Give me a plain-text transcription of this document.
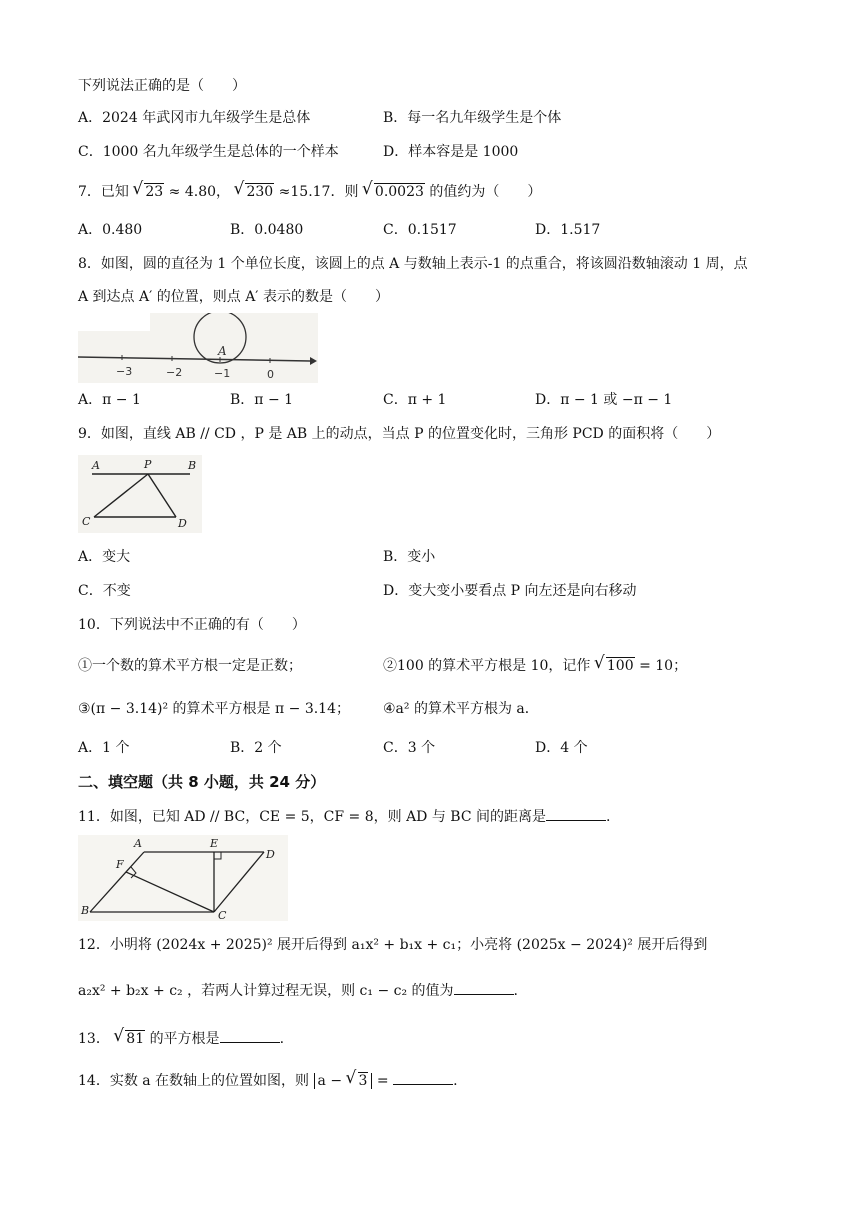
下列说法正确的是（　　）
A．2024 年武冈市九年级学生是总体	B．每一名九年级学生是个体
C．1000 名九年级学生是总体的一个样本	D．样本容是是 1000
7．已知 √ 23 ≈ 4.80， √ 230 ≈15.17．则 √ 0.0023 的值约为（　　）
A．0.480	B．0.0480	C．0.1517	D．1.517
8．如图，圆的直径为 1 个单位长度，该圆上的点 A 与数轴上表示-1 的点重合，将该圆沿数轴滚动 1 周，点
A 到达点 A′ 的位置，则点 A′ 表示的数是（　　）
−3	−2	−1	0
A
A．π − 1	B．π − 1	C．π + 1	D．π − 1 或 −π − 1
9．如图，直线 AB // CD ，P 是 AB 上的动点，当点 P 的位置变化时，三角形 PCD 的面积将（　　）
A	P	B
C	D
A．变大	B．变小
C．不变	D．变大变小要看点 P 向左还是向右移动
10．下列说法中不正确的有（　　）
①一个数的算术平方根一定是正数；	②100 的算术平方根是 10，记作 √ 100 = 10；
③(π − 3.14)² 的算术平方根是 π − 3.14； ④a² 的算术平方根为 a．
A．1 个	B．2 个	C．3 个	D．4 个
二、填空题（共 8 小题，共 24 分）
11．如图，已知 AD // BC，CE = 5，CF = 8，则 AD 与 BC 间的距离是	.
A	E
D
F
B	C
12．小明将 (2024x + 2025)² 展开后得到 a₁x² + b₁x + c₁；小亮将 (2025x − 2024)² 展开后得到
a₂x² + b₂x + c₂ ，若两人计算过程无误，则 c₁ − c₂ 的值为	.
13． √ 81 的平方根是	.
14．实数 a 在数轴上的位置如图，则 a − √ 3 =	.
